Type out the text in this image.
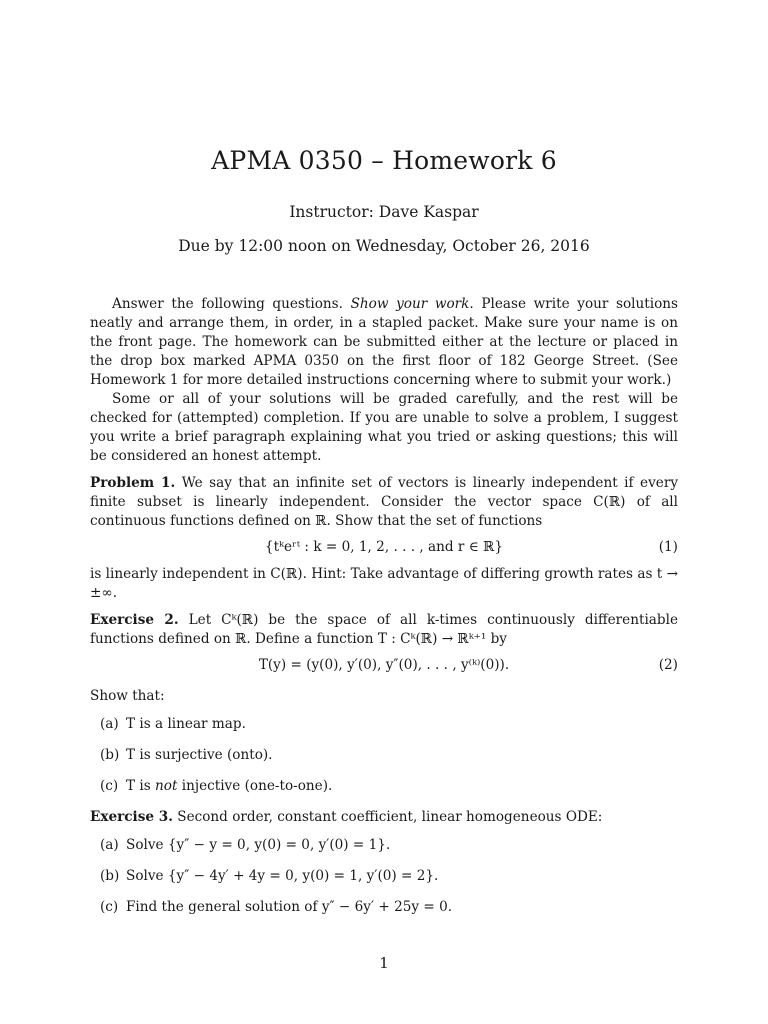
APMA 0350 – Homework 6
Instructor: Dave Kaspar
Due by 12:00 noon on Wednesday, October 26, 2016

Answer the following questions. Show your work. Please write your solutions neatly and arrange them, in order, in a stapled packet. Make sure your name is on the front page. The homework can be submitted either at the lecture or placed in the drop box marked APMA 0350 on the first floor of 182 George Street. (See Homework 1 for more detailed instructions concerning where to submit your work.)

Some or all of your solutions will be graded carefully, and the rest will be checked for (attempted) completion. If you are unable to solve a problem, I suggest you write a brief paragraph explaining what you tried or asking questions; this will be considered an honest attempt.

Problem 1. We say that an infinite set of vectors is linearly independent if every finite subset is linearly independent. Consider the vector space C(ℝ) of all continuous functions defined on ℝ. Show that the set of functions

{tᵏeʳᵗ : k = 0, 1, 2, . . . , and r ∈ ℝ}	(1)

is linearly independent in C(ℝ). Hint: Take advantage of differing growth rates as t → ±∞.

Exercise 2. Let Cᵏ(ℝ) be the space of all k-times continuously differentiable functions defined on ℝ. Define a function T : Cᵏ(ℝ) → ℝᵏ⁺¹ by

T(y) = (y(0), y′(0), y″(0), . . . , y⁽ᵏ⁾(0)).	(2)

Show that:

(a) T is a linear map.
(b) T is surjective (onto).
(c) T is not injective (one-to-one).

Exercise 3. Second order, constant coefficient, linear homogeneous ODE:

(a) Solve {y″ − y = 0, y(0) = 0, y′(0) = 1}.
(b) Solve {y″ − 4y′ + 4y = 0, y(0) = 1, y′(0) = 2}.
(c) Find the general solution of y″ − 6y′ + 25y = 0.
1
